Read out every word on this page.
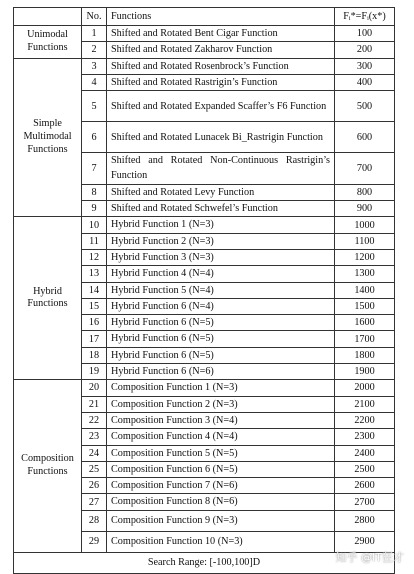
	No.	Functions	Fᵢ*=Fᵢ(x*)
Unimodal Functions	1	Shifted and Rotated Bent Cigar Function	100
	2	Shifted and Rotated Zakharov Function	200
Simple Multimodal Functions	3	Shifted and Rotated Rosenbrock’s Function	300
	4	Shifted and Rotated Rastrigin’s Function	400
	5	Shifted and Rotated Expanded Scaffer’s F6 Function	500
	6	Shifted and Rotated Lunacek Bi_Rastrigin Function	600
	7	Shifted and Rotated Non-Continuous Rastrigin’s Function	700
	8	Shifted and Rotated Levy Function	800
	9	Shifted and Rotated Schwefel’s Function	900
Hybrid Functions	10	Hybrid Function 1 (N=3)	1000
	11	Hybrid Function 2 (N=3)	1100
	12	Hybrid Function 3 (N=3)	1200
	13	Hybrid Function 4 (N=4)	1300
	14	Hybrid Function 5 (N=4)	1400
	15	Hybrid Function 6 (N=4)	1500
	16	Hybrid Function 6 (N=5)	1600
	17	Hybrid Function 6 (N=5)	1700
	18	Hybrid Function 6 (N=5)	1800
	19	Hybrid Function 6 (N=6)	1900
Composition Functions	20	Composition Function 1 (N=3)	2000
	21	Composition Function 2 (N=3)	2100
	22	Composition Function 3 (N=4)	2200
	23	Composition Function 4 (N=4)	2300
	24	Composition Function 5 (N=5)	2400
	25	Composition Function 6 (N=5)	2500
	26	Composition Function 7 (N=6)	2600
	27	Composition Function 8 (N=6)	2700
	28	Composition Function 9 (N=3)	2800
	29	Composition Function 10 (N=3)	2900
Search Range: [-100,100]D				知乎 @IT狂才
